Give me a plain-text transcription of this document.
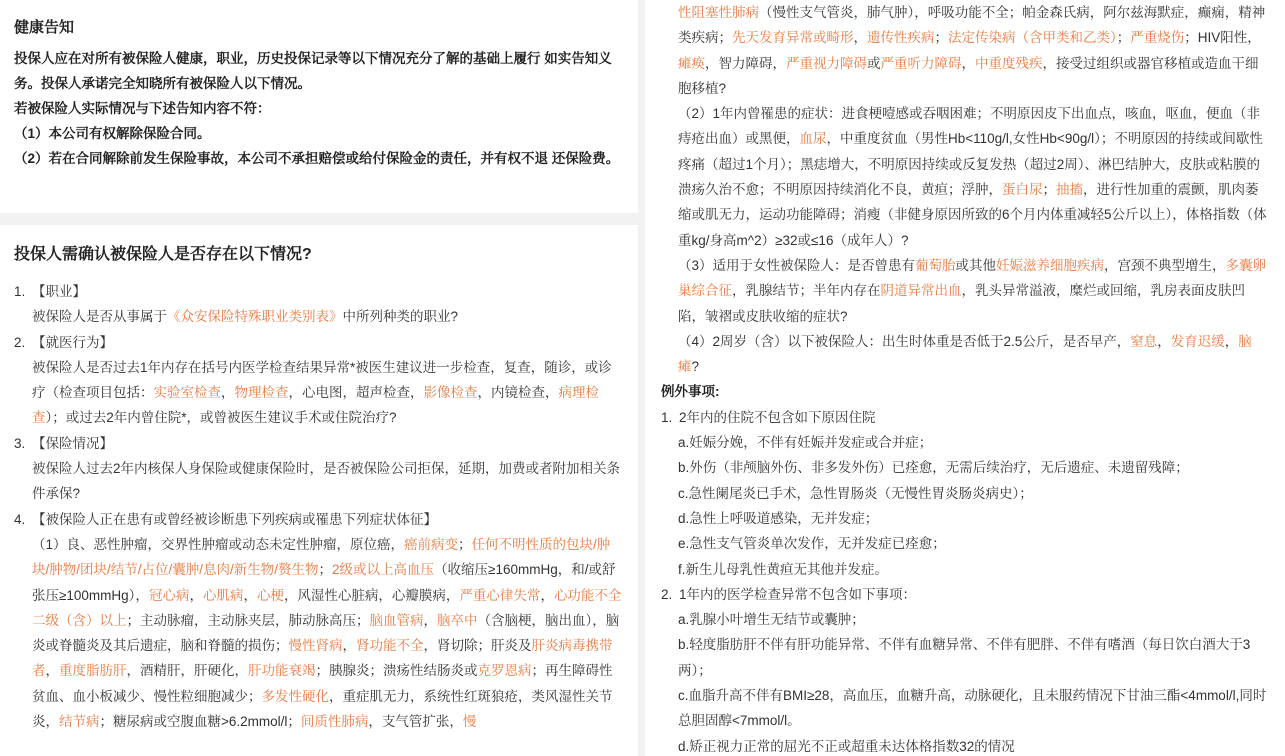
健康告知

投保人应在对所有被保险人健康，职业，历史投保记录等以下情况充分了解的基础上履行 如实告知义务。投保人承诺完全知晓所有被保险人以下情况。

若被保险人实际情况与下述告知内容不符：

（1）本公司有权解除保险合同。

（2）若在合同解除前发生保险事故，本公司不承担赔偿或给付保险金的责任，并有权不退 还保险费。

投保人需确认被保险人是否存在以下情况?
1. 【职业】

被保险人是否从事属于《众安保险特殊职业类别表》中所列种类的职业?

2. 【就医行为】

被保险人是否过去1年内存在括号内医学检查结果异常*被医生建议进一步检查，复查，随诊，或诊疗（检查项目包括：实验室检查，物理检查，心电图，超声检查，影像检查，内镜检查，病理检查）；或过去2年内曾住院*，或曾被医生建议手术或住院治疗?

3. 【保险情况】

被保险人过去2年内核保人身保险或健康保险时，是否被保险公司拒保，延期，加费或者附加相关条件承保?

4. 【被保险人正在患有或曾经被诊断患下列疾病或罹患下列症状体征】

（1）良、恶性肿瘤，交界性肿瘤或动态未定性肿瘤，原位癌，癌前病变；任何不明性质的包块/肿块/肿物/团块/结节/占位/囊肿/息肉/新生物/赘生物；2级或以上高血压（收缩压≥160mmHg，和/或舒张压≥100mmHg），冠心病，心肌病，心梗，风湿性心脏病，心瓣膜病，严重心律失常，心功能不全二级（含）以上；主动脉瘤，主动脉夹层，肺动脉高压；脑血管病，脑卒中（含脑梗，脑出血），脑炎或脊髓炎及其后遗症，脑和脊髓的损伤；慢性肾病，肾功能不全，肾切除；肝炎及肝炎病毒携带者，重度脂肪肝，酒精肝，肝硬化，肝功能衰竭；胰腺炎；溃疡性结肠炎或克罗恩病；再生障碍性贫血、血小板减少、慢性粒细胞减少；多发性硬化，重症肌无力，系统性红斑狼疮，类风湿性关节炎，结节病；糖尿病或空腹血糖>6.2mmol/l；间质性肺病，支气管扩张，慢

性阻塞性肺病（慢性支气管炎，肺气肿），呼吸功能不全；帕金森氏病，阿尔兹海默症，癫痫，精神类疾病；先天发育异常或畸形，遗传性疾病；法定传染病（含甲类和乙类）；严重烧伤；HIV阳性，瘫痪，智力障碍，严重视力障碍或严重听力障碍，中重度残疾，接受过组织或器官移植或造血干细胞移植?

（2）1年内曾罹患的症状：进食梗噎感或吞咽困难；不明原因皮下出血点，咳血，呕血，便血（非痔疮出血）或黑便，血尿，中重度贫血（男性Hb<110g/l,女性Hb<90g/l）；不明原因的持续或间歇性疼痛（超过1个月）；黑痣增大，不明原因持续或反复发热（超过2周）、淋巴结肿大，皮肤或粘膜的溃疡久治不愈；不明原因持续消化不良，黄疸；浮肿，蛋白尿；抽搐，进行性加重的震颤，肌肉萎缩或肌无力，运动功能障碍；消瘦（非健身原因所致的6个月内体重减轻5公斤以上），体格指数（体重kg/身高m^2）≥32或≤16（成年人）?

（3）适用于女性被保险人：是否曾患有葡萄胎或其他妊娠滋养细胞疾病，宫颈不典型增生，多囊卵巢综合征，乳腺结节；半年内存在阴道异常出血，乳头异常溢液，糜烂或回缩，乳房表面皮肤凹陷，皱褶或皮肤收缩的症状?

（4）2周岁（含）以下被保险人：出生时体重是否低于2.5公斤，是否早产，窒息，发育迟缓，脑瘫?

例外事项:
1. 2年内的住院不包含如下原因住院

a.妊娠分娩，不伴有妊娠并发症或合并症；

b.外伤（非颅脑外伤、非多发外伤）已痊愈，无需后续治疗，无后遗症、未遗留残障；

c.急性阑尾炎已手术，急性胃肠炎（无慢性胃炎肠炎病史）；

d.急性上呼吸道感染，无并发症；

e.急性支气管炎单次发作，无并发症已痊愈；

f.新生儿母乳性黄疸无其他并发症。

2. 1年内的医学检查异常不包含如下事项：

a.乳腺小叶增生无结节或囊肿；

b.轻度脂肪肝不伴有肝功能异常、不伴有血糖异常、不伴有肥胖、不伴有嗜酒（每日饮白酒大于3两）；

c.血脂升高不伴有BMI≥28，高血压，血糖升高，动脉硬化，且未服药情况下甘油三酯<4mmol/l,同时总胆固醇<7mmol/l。

d.矫正视力正常的屈光不正或超重未达体格指数32的情况
